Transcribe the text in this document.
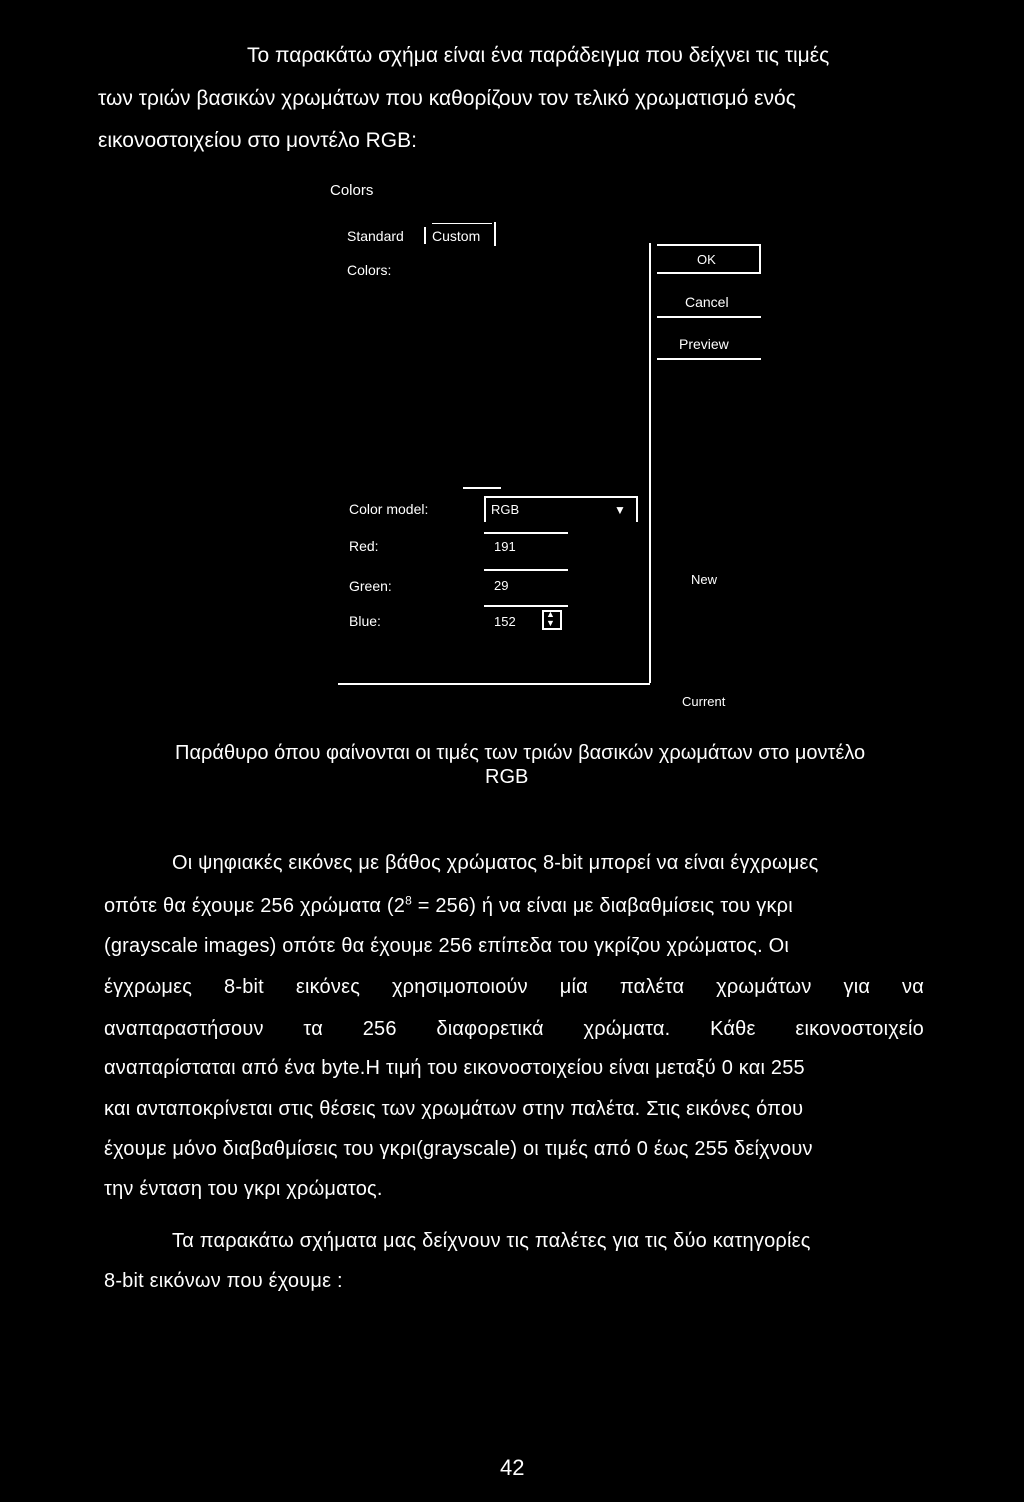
Το παρακάτω σχήμα είναι ένα παράδειγμα που δείχνει τις τιμές
των τριών βασικών χρωμάτων που καθορίζουν τον τελικό χρωματισμό ενός
εικονοστοιχείου στο μοντέλο RGB:
Colors
Standard Custom
Colors:
OK
Cancel
Preview
Color model:	RGB	▼
Red:	191
Green:	29
Blue:	152	▲
▼
New
Current
Παράθυρο όπου φαίνονται οι τιμές των τριών βασικών χρωμάτων στο μοντέλο
RGB
Οι ψηφιακές εικόνες με βάθος χρώματος 8-bit μπορεί να είναι έγχρωμες
οπότε θα έχουμε 256 χρώματα $(2^8 = 256)$ ή να είναι με διαβαθμίσεις του γκρι
(grayscale images) οπότε θα έχουμε 256 επίπεδα του γκρίζου χρώματος. Οι
έγχρωμες 8-bit εικόνες χρησιμοποιούν μία παλέτα χρωμάτων για να
αναπαραστήσουν τα 256 διαφορετικά χρώματα. Κάθε εικονοστοιχείο
αναπαρίσταται από ένα byte.Η τιμή του εικονοστοιχείου είναι μεταξύ 0 και 255
και ανταποκρίνεται στις θέσεις των χρωμάτων στην παλέτα. Στις εικόνες όπου
έχουμε μόνο διαβαθμίσεις του γκρι(grayscale) οι τιμές από 0 έως 255 δείχνουν
την ένταση του γκρι χρώματος.
Τα παρακάτω σχήματα μας δείχνουν τις παλέτες για τις δύο κατηγορίες
8-bit εικόνων που έχουμε :
42
